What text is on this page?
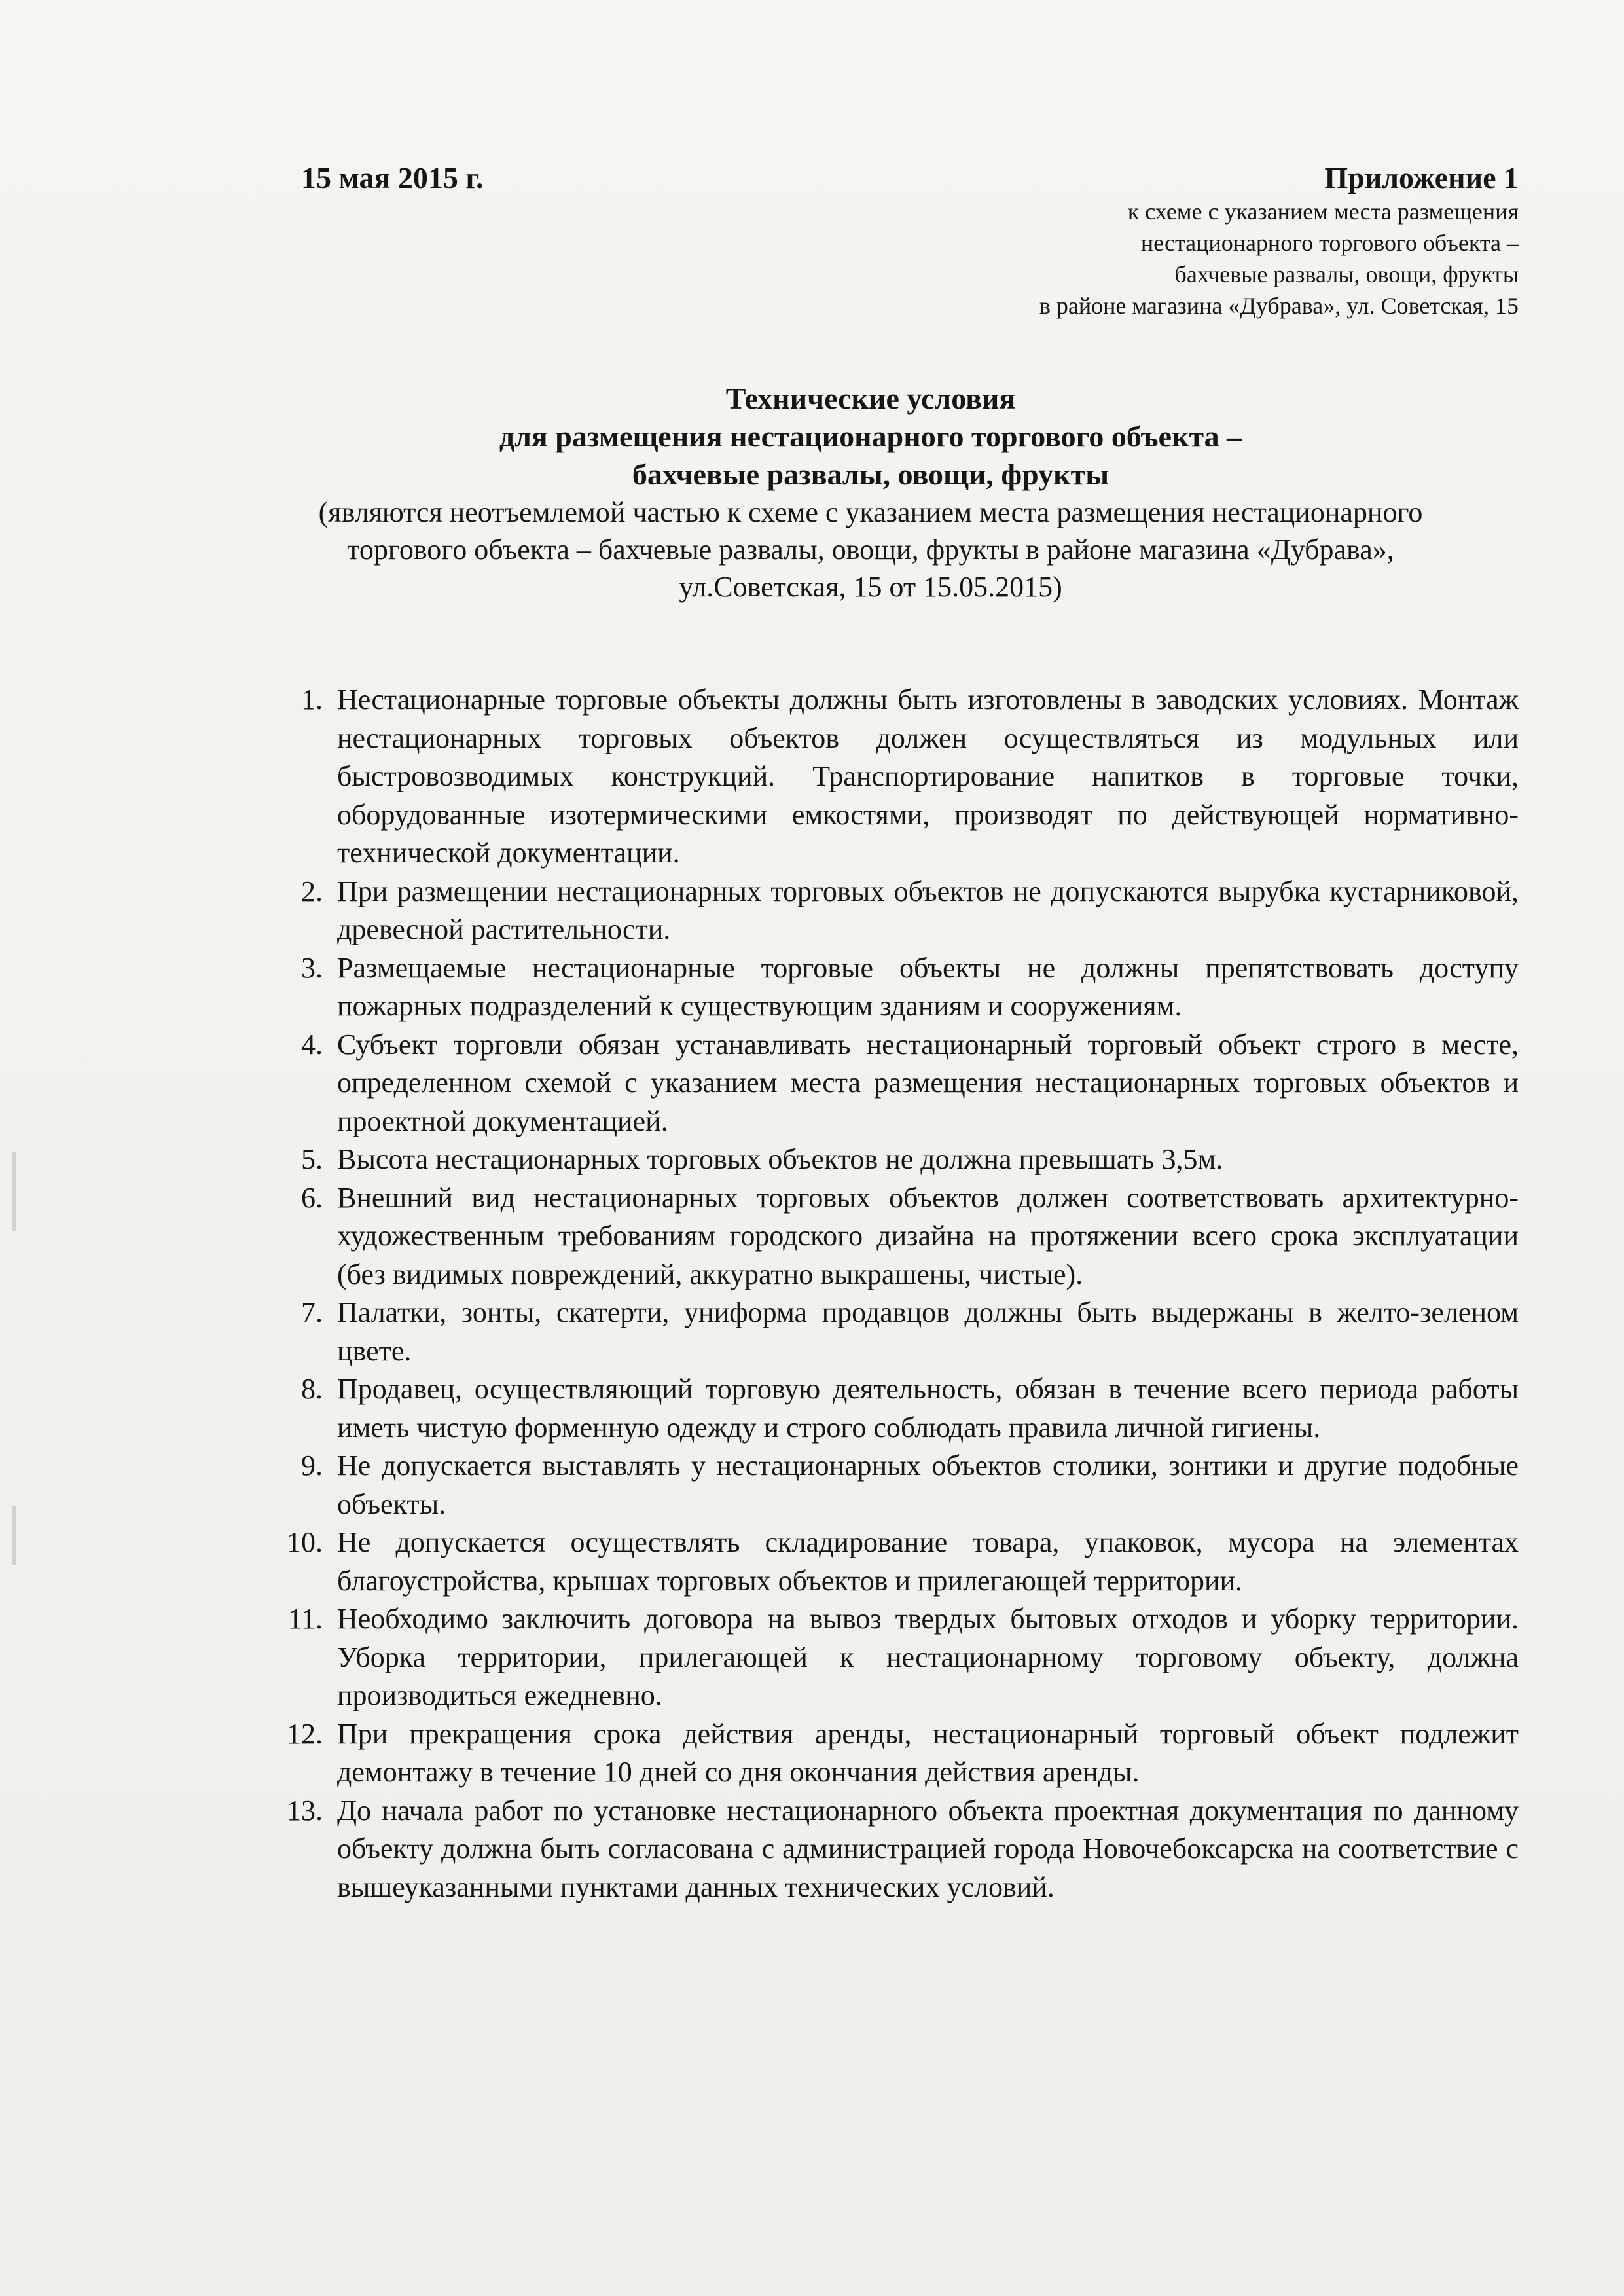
15 мая 2015 г.	Приложение 1
к схеме с указанием места размещения
нестационарного торгового объекта –
бахчевые развалы, овощи, фрукты
в районе магазина «Дубрава», ул. Советская, 15
Технические условия
для размещения нестационарного торгового объекта –
бахчевые развалы, овощи, фрукты
(являются неотъемлемой частью к схеме с указанием места размещения нестационарного
торгового объекта – бахчевые развалы, овощи, фрукты в районе магазина «Дубрава»,
ул.Советская, 15 от 15.05.2015)
1. Нестационарные торговые объекты должны быть изготовлены в заводских условиях. Монтаж нестационарных торговых объектов должен осуществляться из модульных или быстровозводимых конструкций. Транспортирование напитков в торговые точки, оборудованные изотермическими емкостями, производят по действующей нормативно-технической документации.
2. При размещении нестационарных торговых объектов не допускаются вырубка кустарниковой, древесной растительности.
3. Размещаемые нестационарные торговые объекты не должны препятствовать доступу пожарных подразделений к существующим зданиям и сооружениям.
4. Субъект торговли обязан устанавливать нестационарный торговый объект строго в месте, определенном схемой с указанием места размещения нестационарных торговых объектов и проектной документацией.
5. Высота нестационарных торговых объектов не должна превышать 3,5м.
6. Внешний вид нестационарных торговых объектов должен соответствовать архитектурно-художественным требованиям городского дизайна на протяжении всего срока эксплуатации (без видимых повреждений, аккуратно выкрашены, чистые).
7. Палатки, зонты, скатерти, униформа продавцов должны быть выдержаны в желто-зеленом цвете.
8. Продавец, осуществляющий торговую деятельность, обязан в течение всего периода работы иметь чистую форменную одежду и строго соблюдать правила личной гигиены.
9. Не допускается выставлять у нестационарных объектов столики, зонтики и другие подобные объекты.
10. Не допускается осуществлять складирование товара, упаковок, мусора на элементах благоустройства, крышах торговых объектов и прилегающей территории.
11. Необходимо заключить договора на вывоз твердых бытовых отходов и уборку территории. Уборка территории, прилегающей к нестационарному торговому объекту, должна производиться ежедневно.
12. При прекращения срока действия аренды, нестационарный торговый объект подлежит демонтажу в течение 10 дней со дня окончания действия аренды.
13. До начала работ по установке нестационарного объекта проектная документация по данному объекту должна быть согласована с администрацией города Новочебоксарска на соответствие с вышеуказанными пунктами данных технических условий.
